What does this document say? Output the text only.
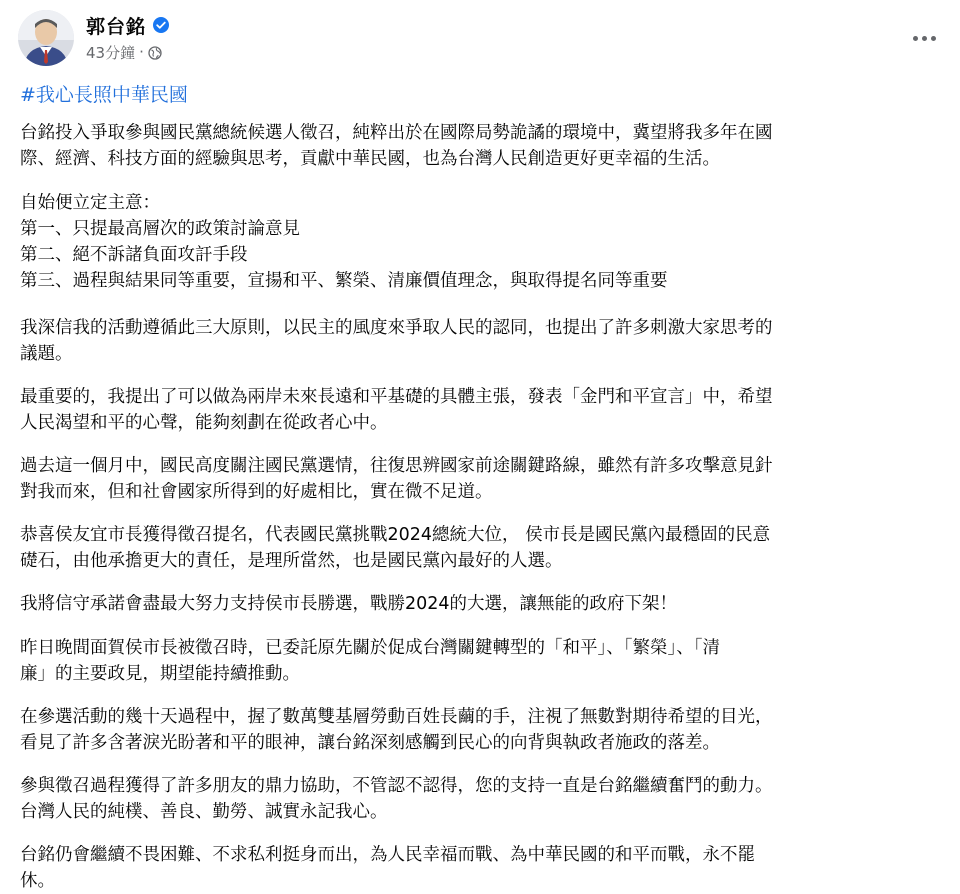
郭台銘
43分鐘 ·
#我心長照中華民國
台銘投入爭取參與國民黨總統候選人徵召，純粹出於在國際局勢詭譎的環境中，冀望將我多年在國
際、經濟、科技方面的經驗與思考，貢獻中華民國，也為台灣人民創造更好更幸福的生活。
自始便立定主意：
第一、只提最高層次的政策討論意見
第二、絕不訴諸負面攻訐手段
第三、過程與結果同等重要，宣揚和平、繁榮、清廉價值理念，與取得提名同等重要
我深信我的活動遵循此三大原則，以民主的風度來爭取人民的認同，也提出了許多刺激大家思考的
議題。
最重要的，我提出了可以做為兩岸未來長遠和平基礎的具體主張，發表「金門和平宣言」中，希望
人民渴望和平的心聲，能夠刻劃在從政者心中。
過去這一個月中，國民高度關注國民黨選情，往復思辨國家前途關鍵路線，雖然有許多攻擊意見針
對我而來，但和社會國家所得到的好處相比，實在微不足道。
恭喜侯友宜市長獲得徵召提名，代表國民黨挑戰2024總統大位， 侯市長是國民黨內最穩固的民意
礎石，由他承擔更大的責任，是理所當然，也是國民黨內最好的人選。
我將信守承諾會盡最大努力支持侯市長勝選，戰勝2024的大選，讓無能的政府下架！
昨日晚間面賀侯市長被徵召時，已委託原先關於促成台灣關鍵轉型的「和平」、「繁榮」、「清
廉」的主要政見，期望能持續推動。
在參選活動的幾十天過程中，握了數萬雙基層勞動百姓長繭的手，注視了無數對期待希望的目光，
看見了許多含著淚光盼著和平的眼神，讓台銘深刻感觸到民心的向背與執政者施政的落差。
參與徵召過程獲得了許多朋友的鼎力協助，不管認不認得，您的支持一直是台銘繼續奮鬥的動力。
台灣人民的純樸、善良、勤勞、誠實永記我心。
台銘仍會繼續不畏困難、不求私利挺身而出，為人民幸福而戰、為中華民國的和平而戰，永不罷
休。
